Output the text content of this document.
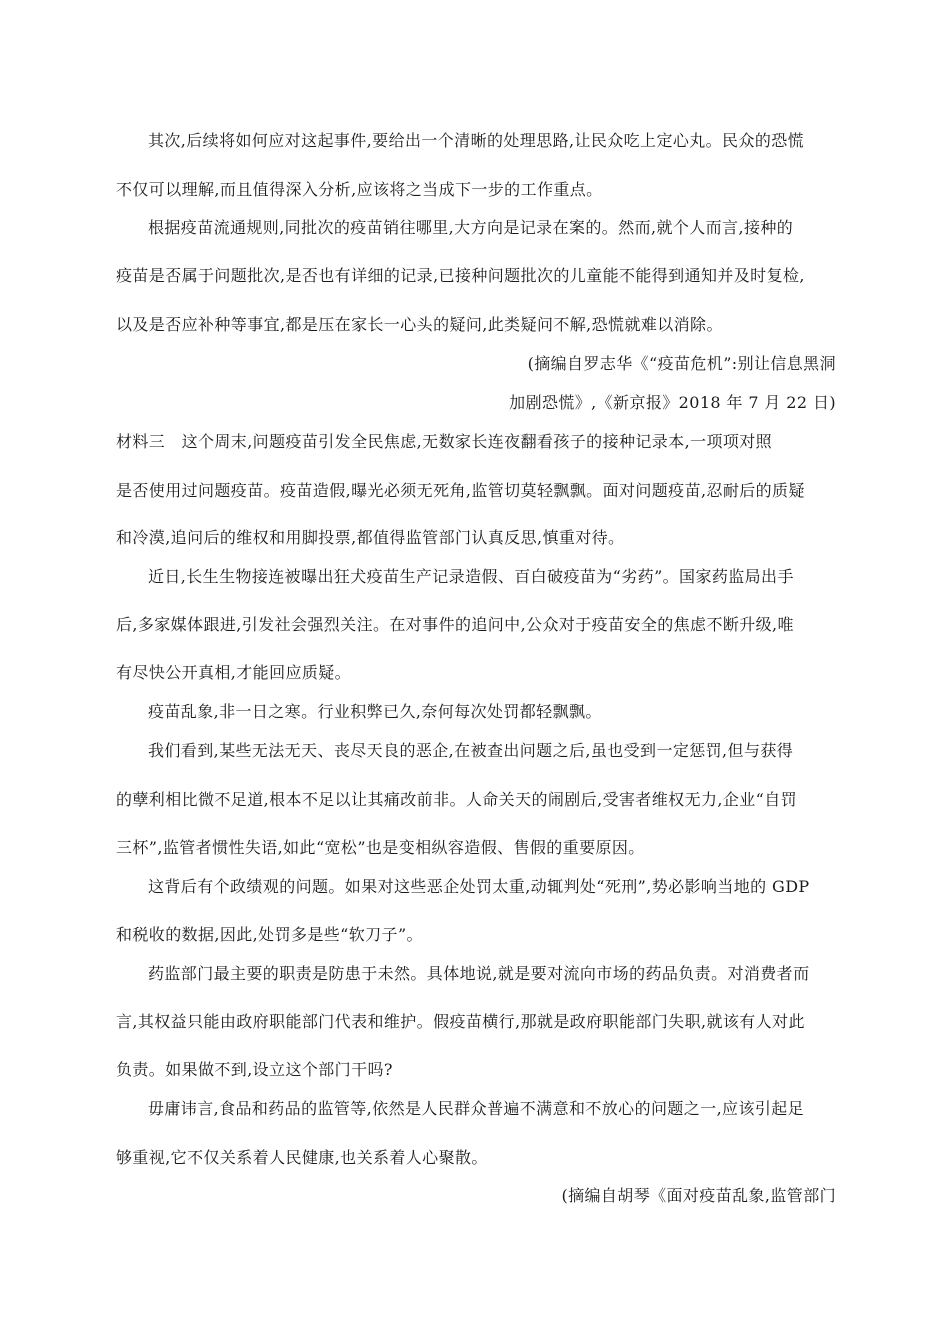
其次,后续将如何应对这起事件,要给出一个清晰的处理思路,让民众吃上定心丸。民众的恐慌
不仅可以理解,而且值得深入分析,应该将之当成下一步的工作重点。
根据疫苗流通规则,同批次的疫苗销往哪里,大方向是记录在案的。然而,就个人而言,接种的
疫苗是否属于问题批次,是否也有详细的记录,已接种问题批次的儿童能不能得到通知并及时复检,
以及是否应补种等事宜,都是压在家长一心头的疑问,此类疑问不解,恐慌就难以消除。
(摘编自罗志华《“疫苗危机”:别让信息黑洞
加剧恐慌》,《新京报》2018 年 7 月 22 日)
材料三　这个周末,问题疫苗引发全民焦虑,无数家长连夜翻看孩子的接种记录本,一项项对照
是否使用过问题疫苗。疫苗造假,曝光必须无死角,监管切莫轻飘飘。面对问题疫苗,忍耐后的质疑
和冷漠,追问后的维权和用脚投票,都值得监管部门认真反思,慎重对待。
近日,长生生物接连被曝出狂犬疫苗生产记录造假、百白破疫苗为“劣药”。国家药监局出手
后,多家媒体跟进,引发社会强烈关注。在对事件的追问中,公众对于疫苗安全的焦虑不断升级,唯
有尽快公开真相,才能回应质疑。
疫苗乱象,非一日之寒。行业积弊已久,奈何每次处罚都轻飘飘。
我们看到,某些无法无天、丧尽天良的恶企,在被查出问题之后,虽也受到一定惩罚,但与获得
的孽利相比微不足道,根本不足以让其痛改前非。人命关天的闹剧后,受害者维权无力,企业“自罚
三杯”,监管者惯性失语,如此“宽松”也是变相纵容造假、售假的重要原因。
这背后有个政绩观的问题。如果对这些恶企处罚太重,动辄判处“死刑”,势必影响当地的 GDP
和税收的数据,因此,处罚多是些“软刀子”。
药监部门最主要的职责是防患于未然。具体地说,就是要对流向市场的药品负责。对消费者而
言,其权益只能由政府职能部门代表和维护。假疫苗横行,那就是政府职能部门失职,就该有人对此
负责。如果做不到,设立这个部门干吗?
毋庸讳言,食品和药品的监管等,依然是人民群众普遍不满意和不放心的问题之一,应该引起足
够重视,它不仅关系着人民健康,也关系着人心聚散。
(摘编自胡琴《面对疫苗乱象,监管部门
